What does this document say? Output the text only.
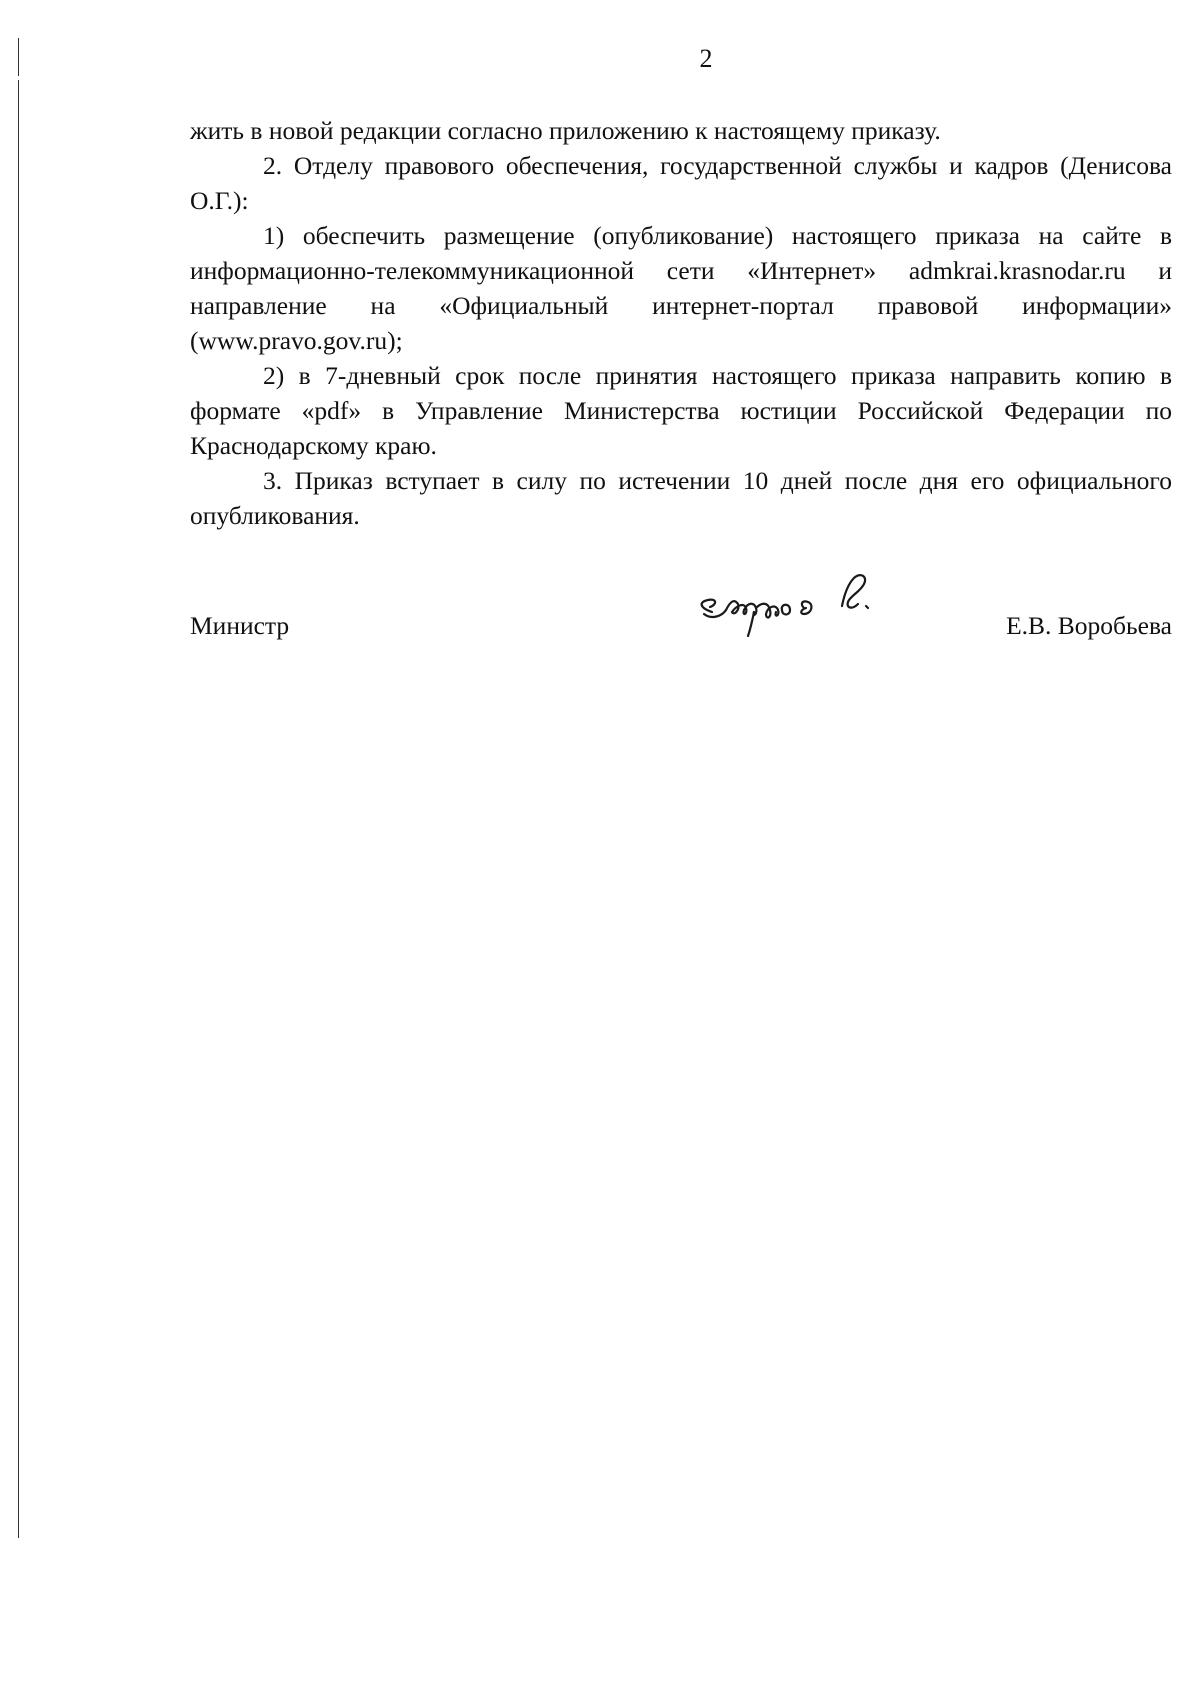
2

жить в новой редакции согласно приложению к настоящему приказу.

2. Отделу правового обеспечения, государственной службы и кадров (Денисова О.Г.):

1) обеспечить размещение (опубликование) настоящего приказа на сайте в информационно-телекоммуникационной сети «Интернет» admkrai.krasnodar.ru и направление на «Официальный интернет-портал правовой информации» (www.pravo.gov.ru);

2) в 7-дневный срок после принятия настоящего приказа направить копию в формате «pdf» в Управление Министерства юстиции Российской Федерации по Краснодарскому краю.

3. Приказ вступает в силу по истечении 10 дней после дня его официального опубликования.

Министр	Е.В. Воробьева
